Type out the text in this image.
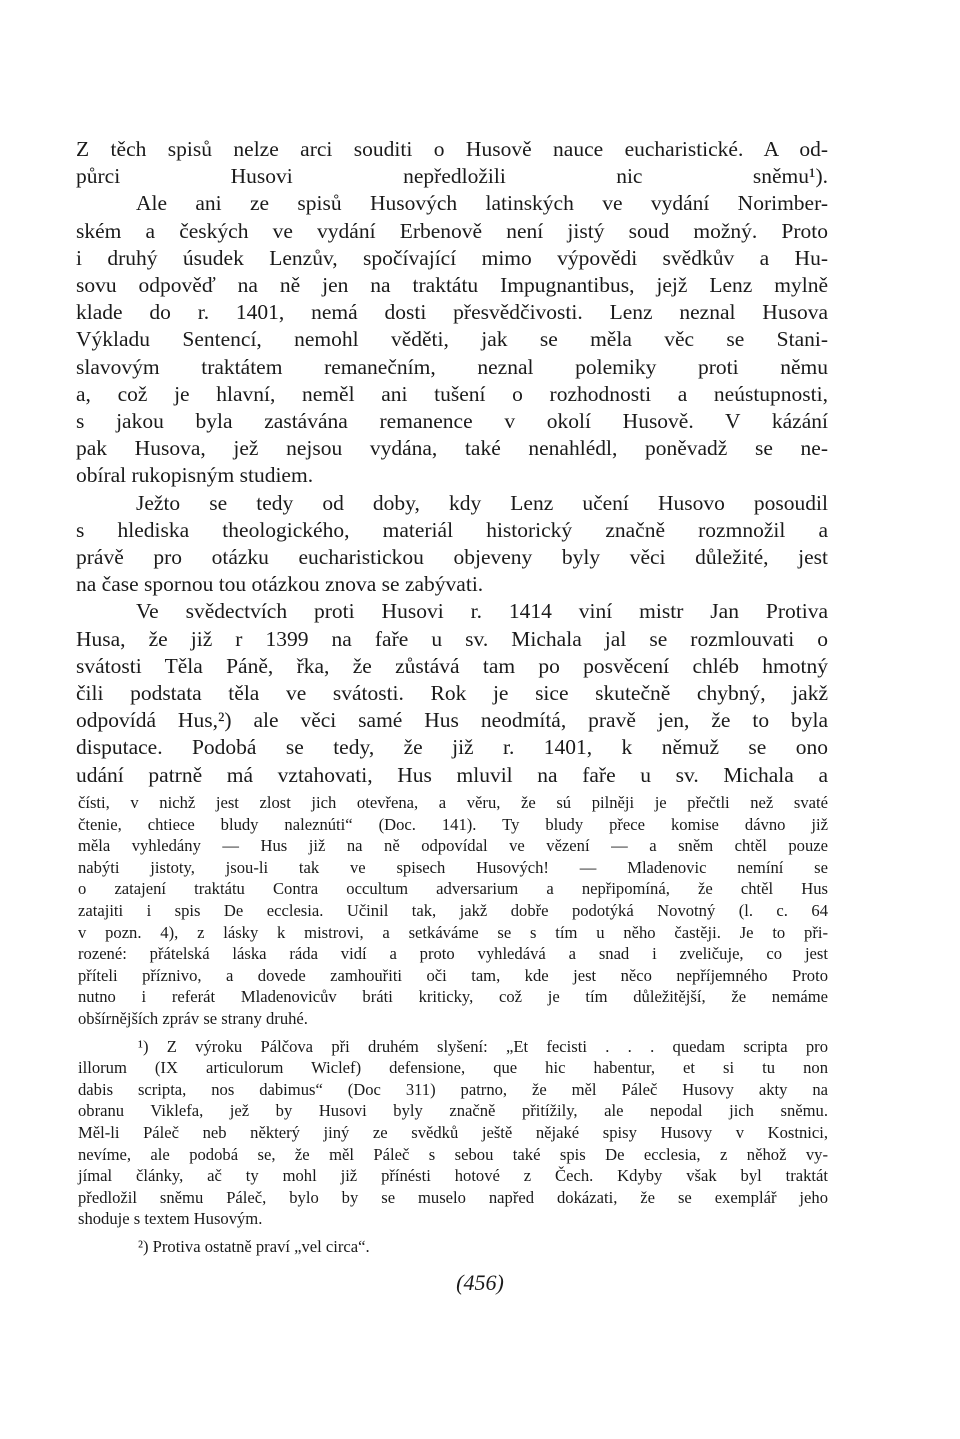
Z těch spisů nelze arci souditi o Husově nauce eucharistické. A od-
půrci Husovi nepředložili nic sněmu¹).
Ale ani ze spisů Husových latinských ve vydání Norimber-
ském a českých ve vydání Erbenově není jistý soud možný. Proto
i druhý úsudek Lenzův, spočívající mimo výpovědi svědkův a Hu-
sovu odpověď na ně jen na traktátu Impugnantibus, jejž Lenz mylně
klade do r. 1401, nemá dosti přesvědčivosti. Lenz neznal Husova
Výkladu Sentencí, nemohl věděti, jak se měla věc se Stani-
slavovým traktátem remanečním, neznal polemiky proti němu
a, což je hlavní, neměl ani tušení o rozhodnosti a neústupnosti,
s jakou byla zastávána remanence v okolí Husově. V kázání
pak Husova, jež nejsou vydána, také nenahlédl, poněvadž se ne-
obíral rukopisným studiem.
Ježto se tedy od doby, kdy Lenz učení Husovo posoudil
s hlediska theologického, materiál historický značně rozmnožil a
právě pro otázku eucharistickou objeveny byly věci důležité, jest
na čase spornou tou otázkou znova se zabývati.
Ve svědectvích proti Husovi r. 1414 viní mistr Jan Protiva
Husa, že již r 1399 na faře u sv. Michala jal se rozmlouvati o
svátosti Těla Páně, řka, že zůstává tam po posvěcení chléb hmotný
čili podstata těla ve svátosti. Rok je sice skutečně chybný, jakž
odpovídá Hus,²) ale věci samé Hus neodmítá, pravě jen, že to byla
disputace. Podobá se tedy, že již r. 1401, k němuž se ono
udání patrně má vztahovati, Hus mluvil na faře u sv. Michala a
čísti, v nichž jest zlost jich otevřena, a věru, že sú pilněji je přečtli než svaté
čtenie, chtiece bludy naleznúti“ (Doc. 141). Ty bludy přece komise dávno již
měla vyhledány — Hus již na ně odpovídal ve vězení — a sněm chtěl pouze
nabýti jistoty, jsou-li tak ve spisech Husových! — Mladenovic nemíní se
o zatajení traktátu Contra occultum adversarium a nepřipomíná, že chtěl Hus
zatajiti i spis De ecclesia. Učinil tak, jakž dobře podotýká Novotný (l. c. 64
v pozn. 4), z lásky k mistrovi, a setkáváme se s tím u něho častěji. Je to při-
rozené: přátelská láska ráda vidí a proto vyhledává a snad i zveličuje, co jest
příteli příznivo, a dovede zamhouřiti oči tam, kde jest něco nepříjemného Proto
nutno i referát Mladenovicův bráti kriticky, což je tím důležitější, že nemáme
obšírnějších zpráv se strany druhé.
¹) Z výroku Pálčova při druhém slyšení: „Et fecisti . . . quedam scripta pro
illorum (IX articulorum Wiclef) defensione, que hic habentur, et si tu non
dabis scripta, nos dabimus“ (Doc 311) patrno, že měl Páleč Husovy akty na
obranu Viklefa, jež by Husovi byly značně přitížily, ale nepodal jich sněmu.
Měl-li Páleč neb některý jiný ze svědků ještě nějaké spisy Husovy v Kostnici,
nevíme, ale podobá se, že měl Páleč s sebou také spis De ecclesia, z něhož vy-
jímal články, ač ty mohl již přínésti hotové z Čech. Kdyby však byl traktát
předložil sněmu Páleč, bylo by se muselo napřed dokázati, že se exemplář jeho
shoduje s textem Husovým.
²) Protiva ostatně praví „vel circa“.
(456)
